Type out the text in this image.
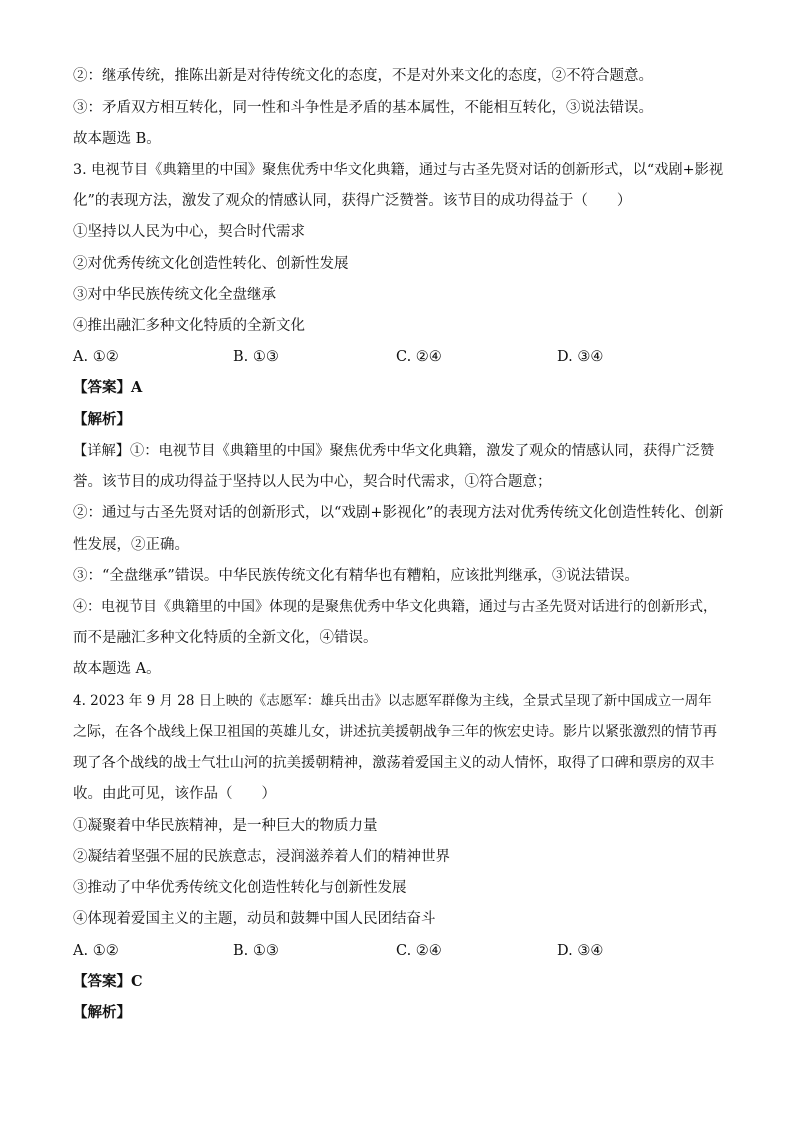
②：继承传统，推陈出新是对待传统文化的态度，不是对外来文化的态度，②不符合题意。
③：矛盾双方相互转化，同一性和斗争性是矛盾的基本属性，不能相互转化，③说法错误。
故本题选 B。
3. 电视节目《典籍里的中国》聚焦优秀中华文化典籍，通过与古圣先贤对话的创新形式，以“戏剧+影视
化”的表现方法，激发了观众的情感认同，获得广泛赞誉。该节目的成功得益于（　　）
①坚持以人民为中心，契合时代需求
②对优秀传统文化创造性转化、创新性发展
③对中华民族传统文化全盘继承
④推出融汇多种文化特质的全新文化
A. ①②	B. ①③	C. ②④	D. ③④
【答案】A
【解析】
【详解】①：电视节目《典籍里的中国》聚焦优秀中华文化典籍，激发了观众的情感认同，获得广泛赞
誉。该节目的成功得益于坚持以人民为中心，契合时代需求，①符合题意；
②：通过与古圣先贤对话的创新形式，以“戏剧+影视化”的表现方法对优秀传统文化创造性转化、创新
性发展，②正确。
③：“全盘继承”错误。中华民族传统文化有精华也有糟粕，应该批判继承，③说法错误。
④：电视节目《典籍里的中国》体现的是聚焦优秀中华文化典籍，通过与古圣先贤对话进行的创新形式，
而不是融汇多种文化特质的全新文化，④错误。
故本题选 A。
4. 2023 年 9 月 28 日上映的《志愿军：雄兵出击》以志愿军群像为主线，全景式呈现了新中国成立一周年
之际，在各个战线上保卫祖国的英雄儿女，讲述抗美援朝战争三年的恢宏史诗。影片以紧张激烈的情节再
现了各个战线的战士气壮山河的抗美援朝精神，激荡着爱国主义的动人情怀，取得了口碑和票房的双丰
收。由此可见，该作品（　　）
①凝聚着中华民族精神，是一种巨大的物质力量
②凝结着坚强不屈的民族意志，浸润滋养着人们的精神世界
③推动了中华优秀传统文化创造性转化与创新性发展
④体现着爱国主义的主题，动员和鼓舞中国人民团结奋斗
A. ①②	B. ①③	C. ②④	D. ③④
【答案】C
【解析】
